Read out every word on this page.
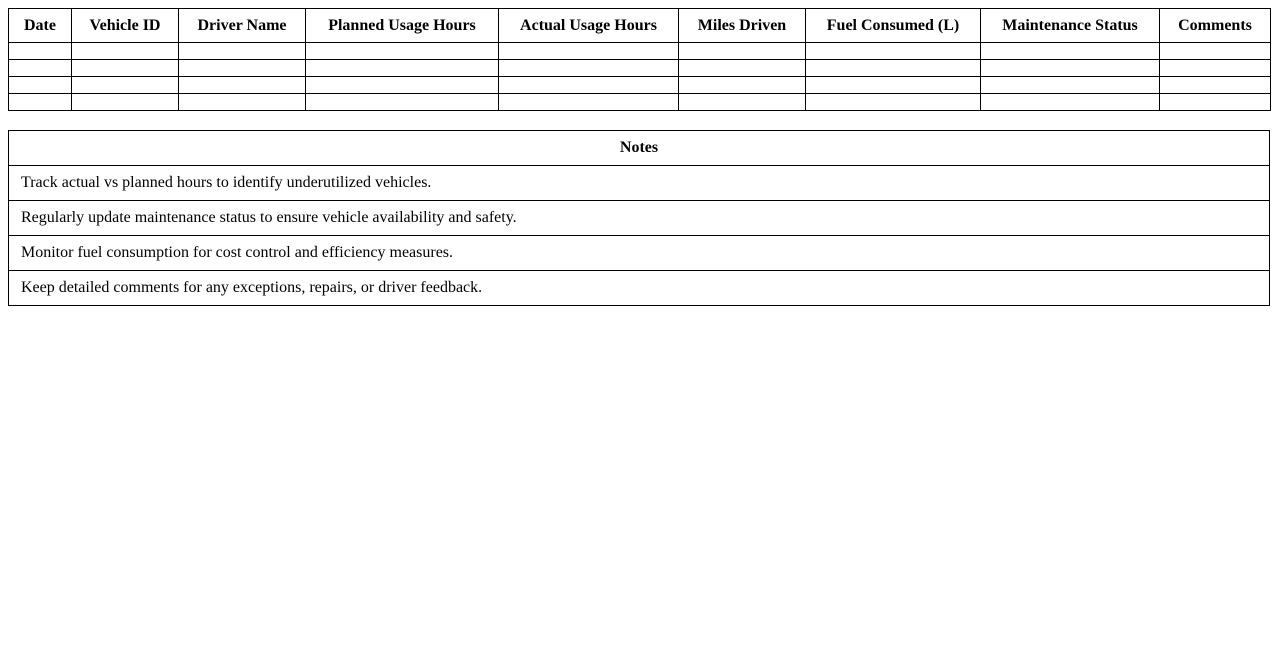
Date	Vehicle ID	Driver Name	Planned Usage Hours	Actual Usage Hours	Miles Driven	Fuel Consumed (L)	Maintenance Status	Comments

Notes
Track actual vs planned hours to identify underutilized vehicles.
Regularly update maintenance status to ensure vehicle availability and safety.
Monitor fuel consumption for cost control and efficiency measures.
Keep detailed comments for any exceptions, repairs, or driver feedback.
